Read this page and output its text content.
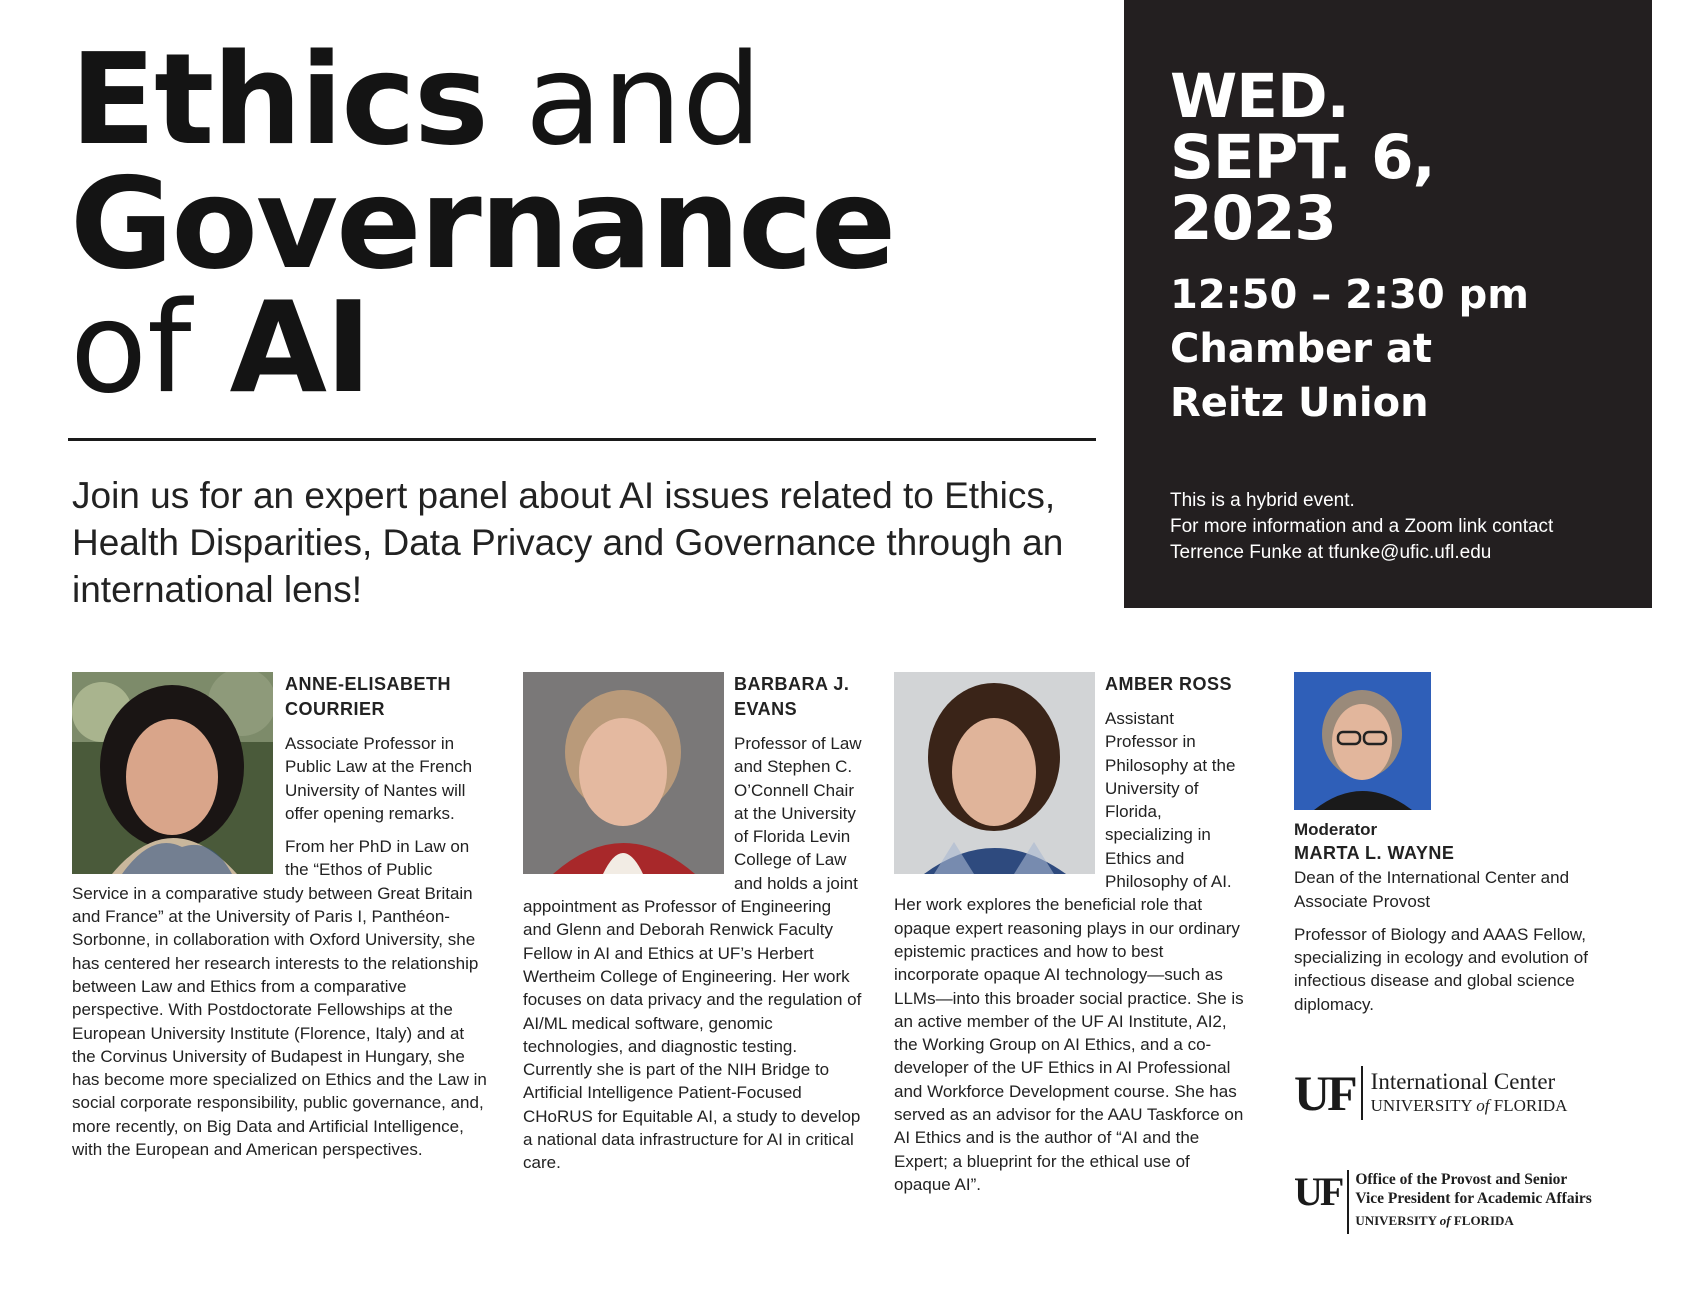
Ethics and
Governance
of AI
Join us for an expert panel about AI issues related to Ethics, Health Disparities, Data Privacy and Governance through an international lens!
WED.
SEPT. 6,
2023
12:50 – 2:30 pm
Chamber at
Reitz Union
This is a hybrid event.
For more information and a Zoom link contact
Terrence Funke at tfunke@ufic.ufl.edu

ANNE-ELISABETH

COURRIER

Associate Professor in Public Law at the French University of Nantes will offer opening remarks.

From her PhD in Law on the “Ethos of Public Service in a comparative study between Great Britain and France” at the University of Paris I, Panthéon-Sorbonne, in collaboration with Oxford University, she has centered her research interests to the relationship between Law and Ethics from a comparative perspective. With Postdoctorate Fellowships at the European University Institute (Florence, Italy) and at the Corvinus University of Budapest in Hungary, she has become more specialized on Ethics and the Law in social corporate responsibility, public governance, and, more recently, on Big Data and Artificial Intelligence, with the European and American perspectives.

BARBARA J.

EVANS

Professor of Law and Stephen C. O’Connell Chair at the University of Florida Levin College of Law and holds a joint appointment as Professor of Engineering and Glenn and Deborah Renwick Faculty Fellow in AI and Ethics at UF’s Herbert Wertheim College of Engineering. Her work focuses on data privacy and the regulation of AI/ML medical software, genomic technologies, and diagnostic testing. Currently she is part of the NIH Bridge to Artificial Intelligence Patient-Focused CHoRUS for Equitable AI, a study to develop a national data infrastructure for AI in critical care.

AMBER ROSS

Assistant Professor in Philosophy at the University of Florida, specializing in Ethics and Philosophy of AI. Her work explores the beneficial role that opaque expert reasoning plays in our ordinary epistemic practices and how to best incorporate opaque AI technology—such as LLMs—into this broader social practice. She is an active member of the UF AI Institute, AI2, the Working Group on AI Ethics, and a co-developer of the UF Ethics in AI Professional and Workforce Development course. She has served as an advisor for the AAU Taskforce on AI Ethics and is the author of “AI and the Expert; a blueprint for the ethical use of opaque AI”.

Moderator

MARTA L. WAYNE

Dean of the International Center and Associate Provost

Professor of Biology and AAAS Fellow, specializing in ecology and evolution of infectious disease and global science diplomacy.

UF International Center
UNIVERSITY of FLORIDA
UF Office of the Provost and Senior
Vice President for Academic Affairs
UNIVERSITY of FLORIDA
